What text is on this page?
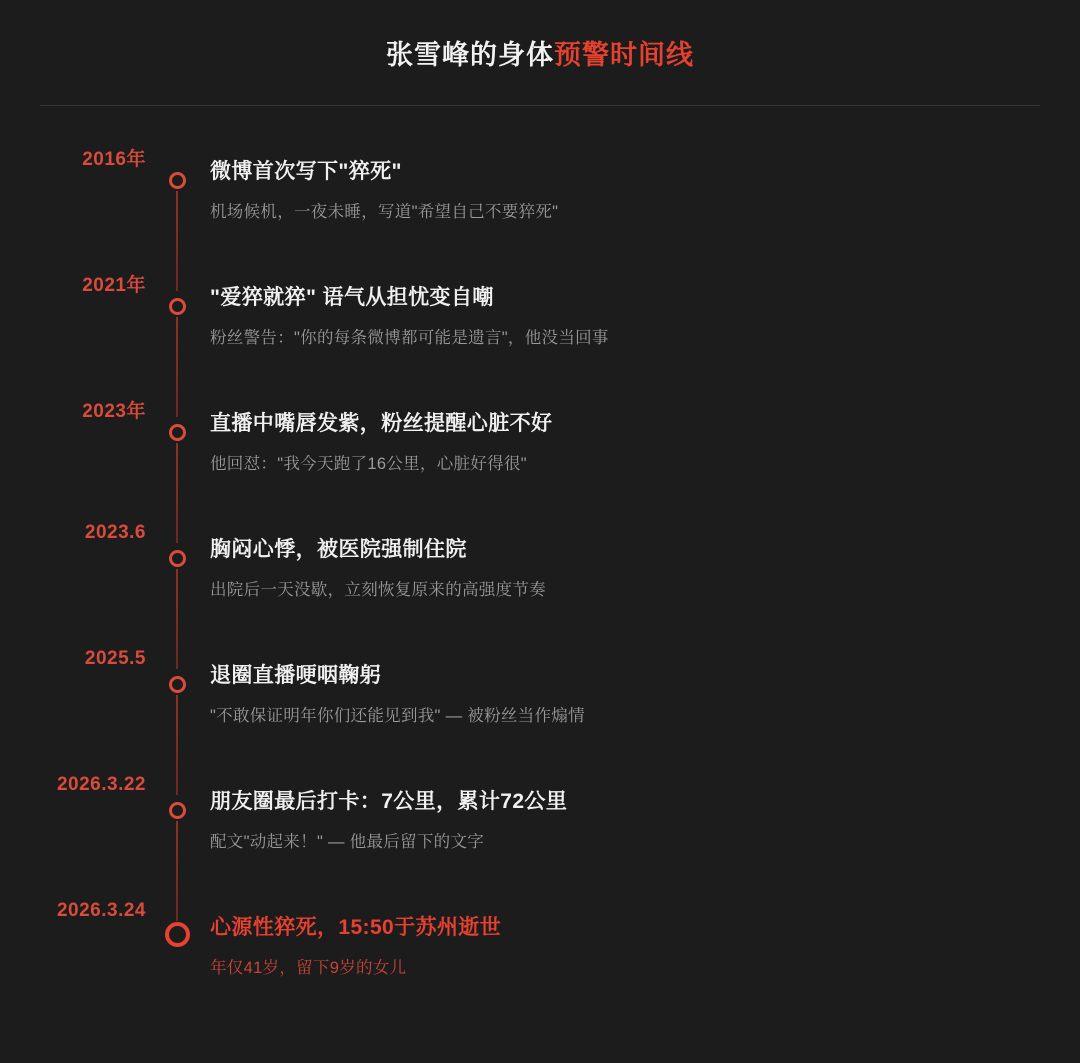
张雪峰的身体预警时间线
2016年
微博首次写下"猝死"
机场候机，一夜未睡，写道"希望自己不要猝死"
2021年
"爱猝就猝" 语气从担忧变自嘲
粉丝警告："你的每条微博都可能是遗言"，他没当回事
2023年
直播中嘴唇发紫，粉丝提醒心脏不好
他回怼："我今天跑了16公里，心脏好得很"
2023.6
胸闷心悸，被医院强制住院
出院后一天没歇，立刻恢复原来的高强度节奏
2025.5
退圈直播哽咽鞠躬
"不敢保证明年你们还能见到我" — 被粉丝当作煽情
2026.3.22
朋友圈最后打卡：7公里，累计72公里
配文"动起来！" — 他最后留下的文字
2026.3.24
心源性猝死，15:50于苏州逝世
年仅41岁，留下9岁的女儿
